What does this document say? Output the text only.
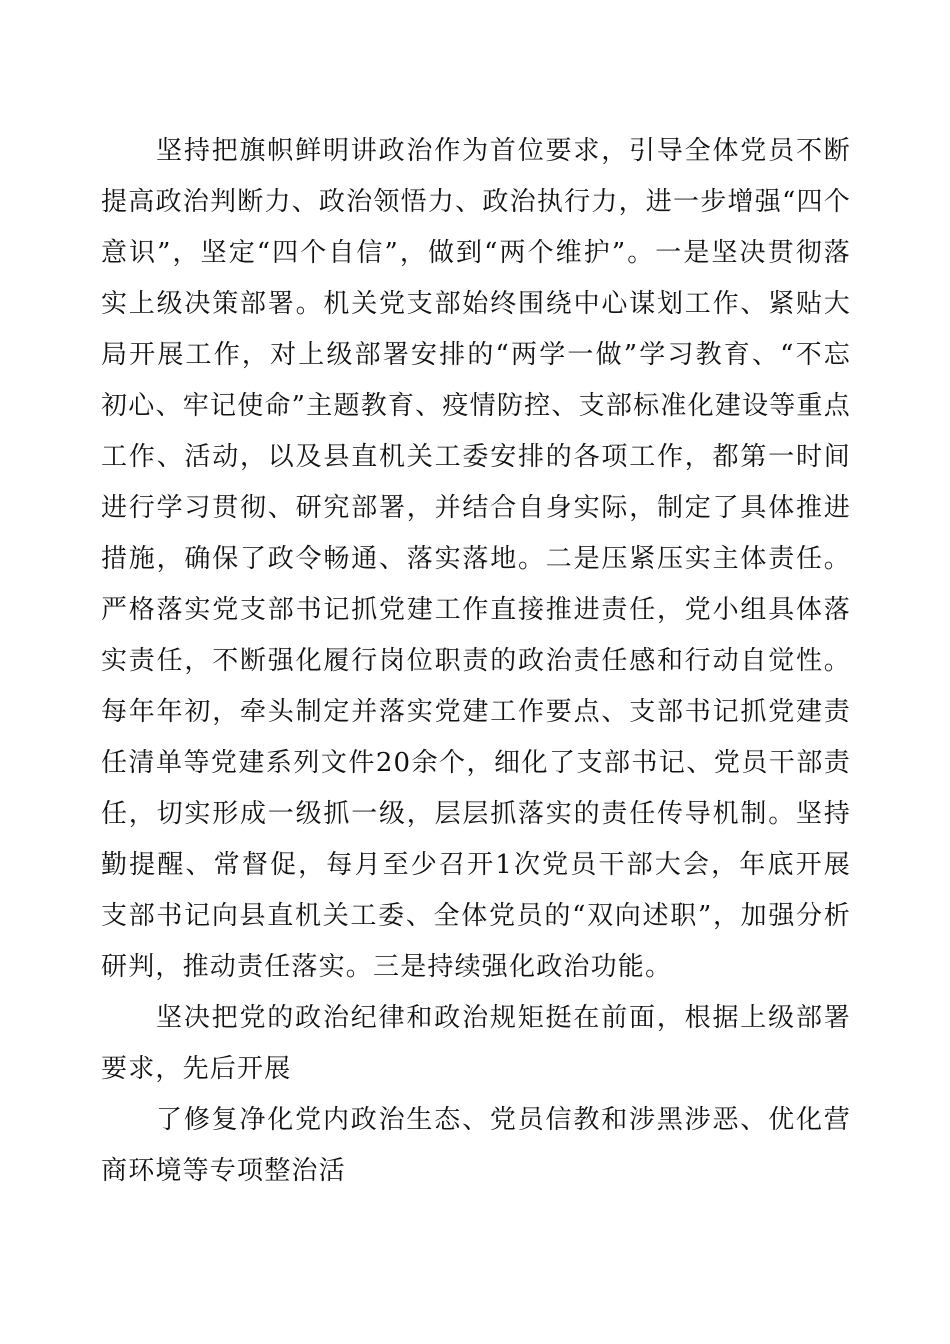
坚持把旗帜鲜明讲政治作为首位要求，引导全体党员不断提高政治判断力、政治领悟力、政治执行力，进一步增强“四个意识”，坚定“四个自信”，做到“两个维护”。一是坚决贯彻落实上级决策部署。机关党支部始终围绕中心谋划工作、紧贴大局开展工作，对上级部署安排的“两学一做”学习教育、“不忘初心、牢记使命”主题教育、疫情防控、支部标准化建设等重点工作、活动，以及县直机关工委安排的各项工作，都第一时间进行学习贯彻、研究部署，并结合自身实际，制定了具体推进措施，确保了政令畅通、落实落地。二是压紧压实主体责任。严格落实党支部书记抓党建工作直接推进责任，党小组具体落实责任，不断强化履行岗位职责的政治责任感和行动自觉性。每年年初，牵头制定并落实党建工作要点、支部书记抓党建责任清单等党建系列文件20余个，细化了支部书记、党员干部责任，切实形成一级抓一级，层层抓落实的责任传导机制。坚持勤提醒、常督促，每月至少召开1次党员干部大会，年底开展支部书记向县直机关工委、全体党员的“双向述职”，加强分析研判，推动责任落实。三是持续强化政治功能。

坚决把党的政治纪律和政治规矩挺在前面，根据上级部署要求，先后开展

了修复净化党内政治生态、党员信教和涉黑涉恶、优化营商环境等专项整治活
